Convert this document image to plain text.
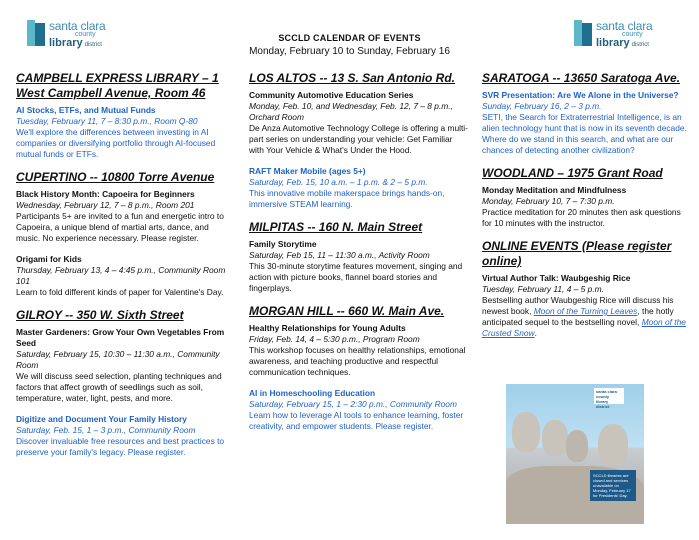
santa clara
county
library district
santa clara
county
library district
SCCLD CALENDAR OF EVENTS
Monday, February 10 to Sunday, February 16
CAMPBELL EXPRESS LIBRARY – 1 West Campbell Avenue, Room 46
AI Stocks, ETFs, and Mutual Funds
Tuesday, February 11, 7 – 8:30 p.m., Room Q-80
We'll explore the differences between investing in AI companies or diversifying portfolio through AI-focused mutual funds or ETFs.
CUPERTINO -- 10800 Torre Avenue
Black History Month: Capoeira for Beginners
Wednesday, February 12, 7 – 8 p.m., Room 201
Participants 5+ are invited to a fun and energetic intro to Capoeira, a unique blend of martial arts, dance, and music. No experience necessary. Please register.
Origami for Kids
Thursday, February 13, 4 – 4:45 p.m., Community Room 101
Learn to fold different kinds of paper for Valentine's Day.
GILROY -- 350 W. Sixth Street
Master Gardeners: Grow Your Own Vegetables From Seed
Saturday, February 15, 10:30 – 11:30 a.m., Community Room
We will discuss seed selection, planting techniques and factors that affect growth of seedlings such as soil, temperature, water, light, pests, and more.
Digitize and Document Your Family History
Saturday, Feb. 15, 1 – 3 p.m., Community Room
Discover invaluable free resources and best practices to preserve your family's legacy. Please register.
LOS ALTOS -- 13 S. San Antonio Rd.
Community Automotive Education Series
Monday, Feb. 10, and Wednesday, Feb. 12, 7 – 8 p.m., Orchard Room
De Anza Automotive Technology College is offering a multi-part series on understanding your vehicle: Get Familiar with Your Vehicle & What's Under the Hood.
RAFT Maker Mobile (ages 5+)
Saturday, Feb. 15, 10 a.m. – 1 p.m. & 2 – 5 p.m.
This innovative mobile makerspace brings hands-on, immersive STEAM learning.
MILPITAS -- 160 N. Main Street
Family Storytime
Saturday, Feb 15, 11 – 11:30 a.m., Activity Room
This 30-minute storytime features movement, singing and action with picture books, flannel board stories and fingerplays.
MORGAN HILL -- 660 W. Main Ave.
Healthy Relationships for Young Adults
Friday, Feb. 14, 4 – 5:30 p.m., Program Room
This workshop focuses on healthy relationships, emotional awareness, and teaching productive and respectful communication techniques.
AI in Homeschooling Education
Saturday, February 15, 1 – 2:30 p.m., Community Room
Learn how to leverage AI tools to enhance learning, foster creativity, and empower students. Please register.
SARATOGA -- 13650 Saratoga Ave.
SVR Presentation: Are We Alone in the Universe?
Sunday, February 16, 2 – 3 p.m.
SETI, the Search for Extraterrestrial Intelligence, is an alien technology hunt that is now in its seventh decade. Where do we stand in this search, and what are our chances of detecting another civilization?
WOODLAND – 1975 Grant Road
Monday Meditation and Mindfulness
Monday, February 10, 7 – 7:30 p.m.
Practice meditation for 20 minutes then ask questions for 10 minutes with the instructor.
ONLINE EVENTS (Please register online)
Virtual Author Talk: Waubgeshig Rice
Tuesday, February 11, 4 – 5 p.m.
Bestselling author Waubgeshig Rice will discuss his newest book, Moon of the Turning Leaves, the hotly anticipated sequel to the bestselling novel, Moon of the Crusted Snow.
santa clara county library district
SCCLD libraries are closed and services unavailable on Monday, February 17 for Presidents' Day.
